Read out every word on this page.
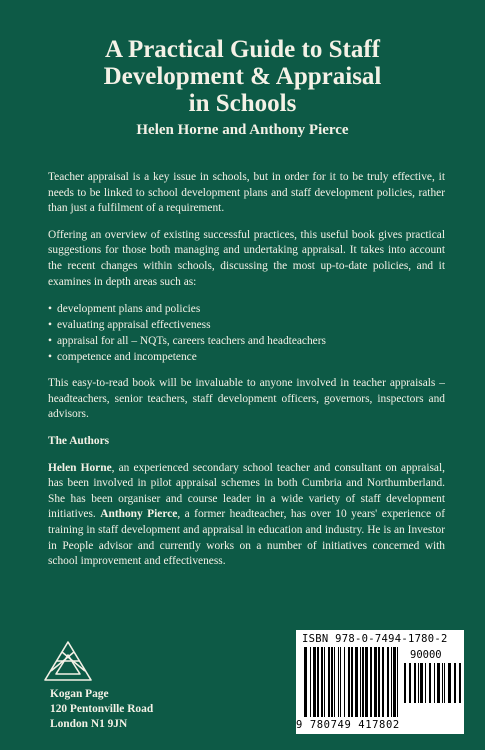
A Practical Guide to Staff
Development & Appraisal
in Schools
Helen Horne and Anthony Pierce

Teacher appraisal is a key issue in schools, but in order for it to be truly effective, it needs to be linked to school development plans and staff development policies, rather than just a fulfilment of a requirement.

Offering an overview of existing successful practices, this useful book gives practical suggestions for those both managing and undertaking appraisal. It takes into account the recent changes within schools, discussing the most up-to-date policies, and it examines in depth areas such as:

• development plans and policies
• evaluating appraisal effectiveness
• appraisal for all – NQTs, careers teachers and headteachers
• competence and incompetence

This easy-to-read book will be invaluable to anyone involved in teacher appraisals – headteachers, senior teachers, staff development officers, governors, inspectors and advisors.

The Authors

Helen Horne, an experienced secondary school teacher and consultant on appraisal, has been involved in pilot appraisal schemes in both Cumbria and Northumberland. She has been organiser and course leader in a wide variety of staff development initiatives. Anthony Pierce, a former headteacher, has over 10 years' experience of training in staff development and appraisal in education and industry. He is an Investor in People advisor and currently works on a number of initiatives concerned with school improvement and effectiveness.

Kogan Page
120 Pentonville Road
London N1 9JN
ISBN 978-0-7494-1780-2
90000
9 780749 417802
